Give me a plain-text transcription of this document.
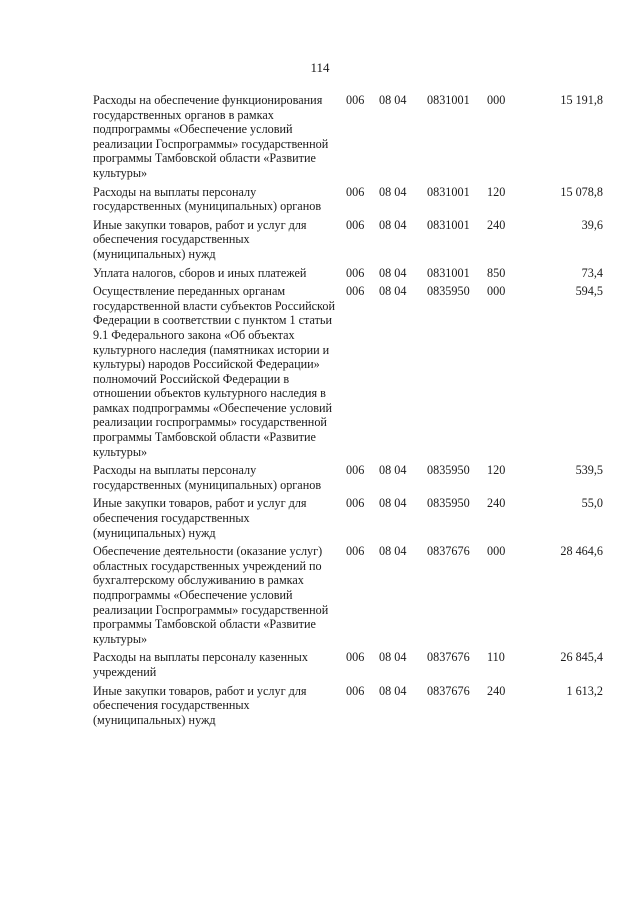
114
Расходы на обеспечение функционирования государственных органов в рамках подпрограммы «Обеспечение условий реализации Госпрограммы» государственной программы Тамбовской области «Развитие культуры»	006	08 04	0831001	000	15 191,8
Расходы на выплаты персоналу государственных (муниципальных) органов	006	08 04	0831001	120	15 078,8
Иные закупки товаров, работ и услуг для обеспечения государственных (муниципальных) нужд	006	08 04	0831001	240	39,6
Уплата налогов, сборов и иных платежей	006	08 04	0831001	850	73,4
Осуществление переданных органам государственной власти субъектов Российской Федерации в соответствии с пунктом 1 статьи 9.1 Федерального закона «Об объектах культурного наследия (памятниках истории и культуры) народов Российской Федерации» полномочий Российской Федерации в отношении объектов культурного наследия в рамках подпрограммы «Обеспечение условий реализации госпрограммы» государственной программы Тамбовской области «Развитие культуры»	006	08 04	0835950	000	594,5
Расходы на выплаты персоналу государственных (муниципальных) органов	006	08 04	0835950	120	539,5
Иные закупки товаров, работ и услуг для обеспечения государственных (муниципальных) нужд	006	08 04	0835950	240	55,0
Обеспечение деятельности (оказание услуг) областных государственных учреждений по бухгалтерскому обслуживанию в рамках подпрограммы «Обеспечение условий реализации Госпрограммы» государственной программы Тамбовской области «Развитие культуры»	006	08 04	0837676	000	28 464,6
Расходы на выплаты персоналу казенных учреждений	006	08 04	0837676	110	26 845,4
Иные закупки товаров, работ и услуг для обеспечения государственных (муниципальных) нужд	006	08 04	0837676	240	1 613,2
